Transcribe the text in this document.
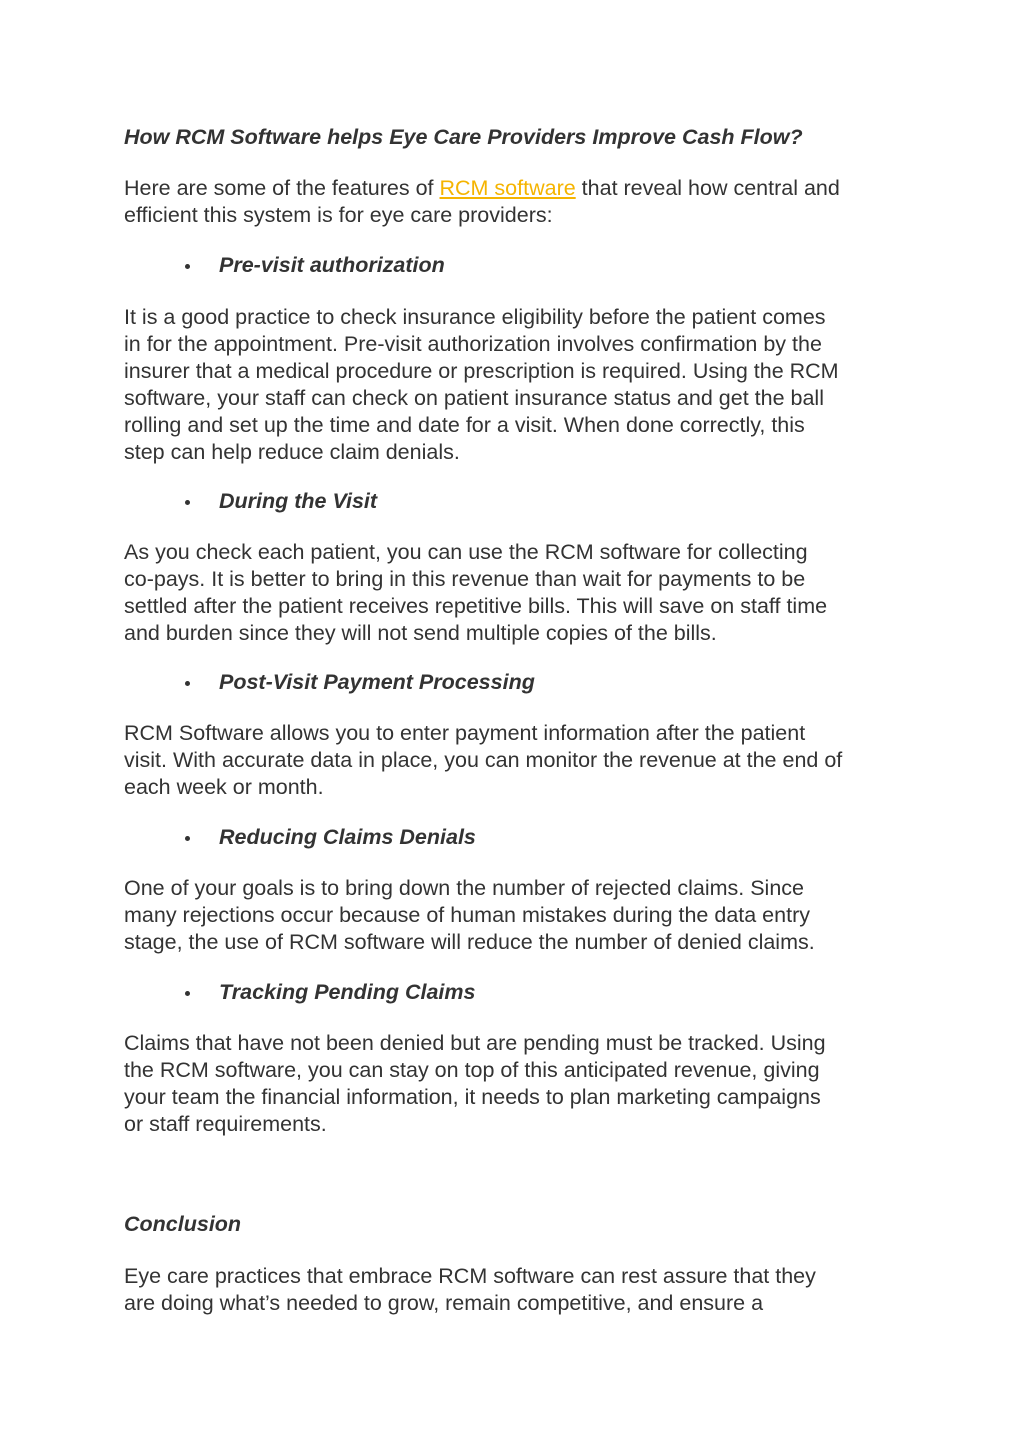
How RCM Software helps Eye Care Providers Improve Cash Flow?

Here are some of the features of RCM software that reveal how central and
efficient this system is for eye care providers:

Pre-visit authorization

It is a good practice to check insurance eligibility before the patient comes
in for the appointment. Pre-visit authorization involves confirmation by the
insurer that a medical procedure or prescription is required. Using the RCM
software, your staff can check on patient insurance status and get the ball
rolling and set up the time and date for a visit. When done correctly, this
step can help reduce claim denials.

During the Visit

As you check each patient, you can use the RCM software for collecting
co-pays. It is better to bring in this revenue than wait for payments to be
settled after the patient receives repetitive bills. This will save on staff time
and burden since they will not send multiple copies of the bills.

Post-Visit Payment Processing

RCM Software allows you to enter payment information after the patient
visit. With accurate data in place, you can monitor the revenue at the end of
each week or month.

Reducing Claims Denials

One of your goals is to bring down the number of rejected claims. Since
many rejections occur because of human mistakes during the data entry
stage, the use of RCM software will reduce the number of denied claims.

Tracking Pending Claims

Claims that have not been denied but are pending must be tracked. Using
the RCM software, you can stay on top of this anticipated revenue, giving
your team the financial information, it needs to plan marketing campaigns
or staff requirements.

Conclusion

Eye care practices that embrace RCM software can rest assure that they
are doing what’s needed to grow, remain competitive, and ensure a
